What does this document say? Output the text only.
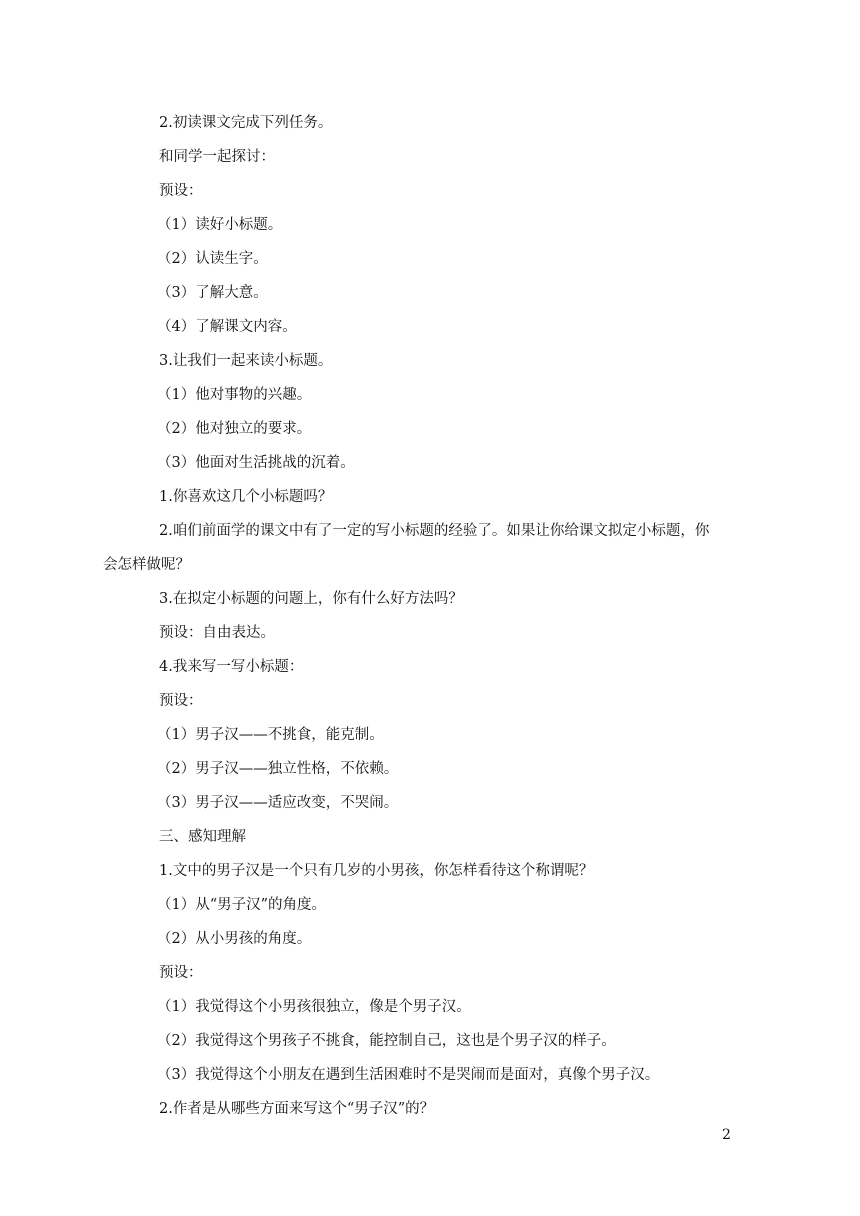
2.初读课文完成下列任务。
和同学一起探讨：
预设：
（1）读好小标题。
（2）认读生字。
（3）了解大意。
（4）了解课文内容。
3.让我们一起来读小标题。
（1）他对事物的兴趣。
（2）他对独立的要求。
（3）他面对生活挑战的沉着。
1.你喜欢这几个小标题吗？
2.咱们前面学的课文中有了一定的写小标题的经验了。如果让你给课文拟定小标题，你
会怎样做呢？
3.在拟定小标题的问题上，你有什么好方法吗？
预设：自由表达。
4.我来写一写小标题：
预设：
（1）男子汉——不挑食，能克制。
（2）男子汉——独立性格，不依赖。
（3）男子汉——适应改变，不哭闹。
三、感知理解
1.文中的男子汉是一个只有几岁的小男孩，你怎样看待这个称谓呢？
（1）从“男子汉”的角度。
（2）从小男孩的角度。
预设：
（1）我觉得这个小男孩很独立，像是个男子汉。
（2）我觉得这个男孩子不挑食，能控制自己，这也是个男子汉的样子。
（3）我觉得这个小朋友在遇到生活困难时不是哭闹而是面对，真像个男子汉。
2.作者是从哪些方面来写这个“男子汉”的？
2
